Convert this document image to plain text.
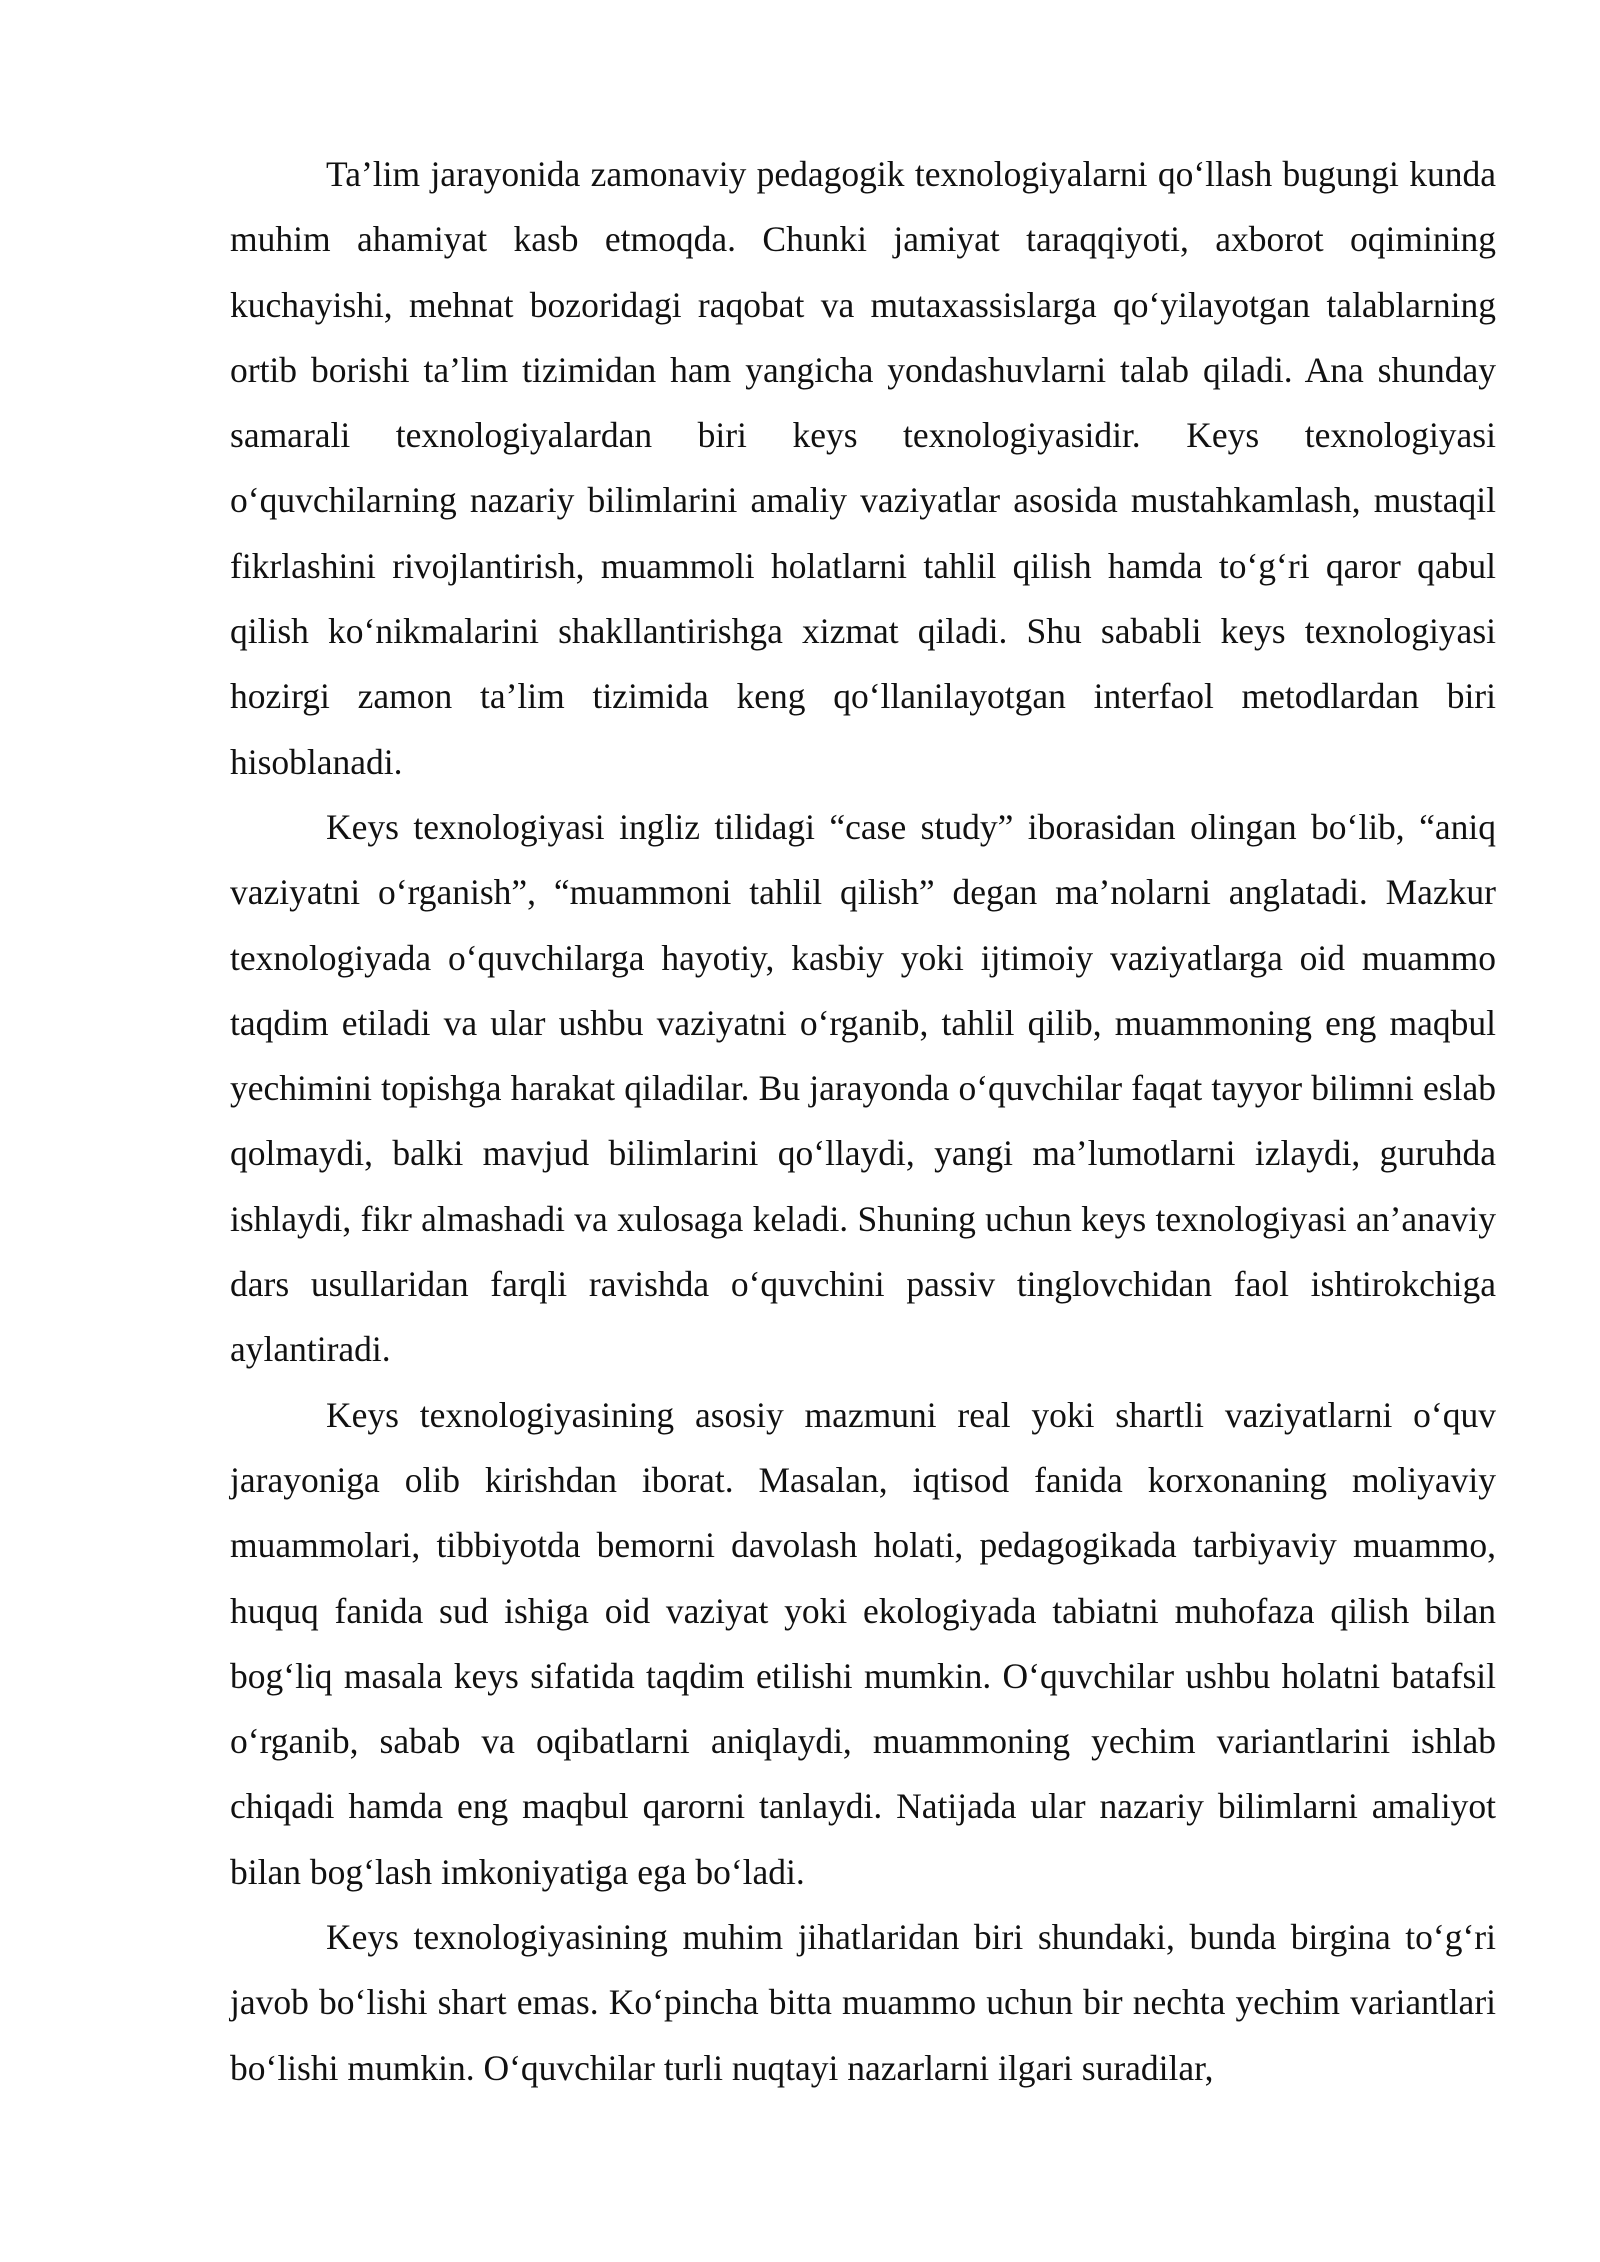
Ta’lim jarayonida zamonaviy pedagogik texnologiyalarni qo‘llash bugungi kunda muhim ahamiyat kasb etmoqda. Chunki jamiyat taraqqiyoti, axborot oqimining kuchayishi, mehnat bozoridagi raqobat va mutaxassislarga qo‘yilayotgan talablarning ortib borishi ta’lim tizimidan ham yangicha yondashuvlarni talab qiladi. Ana shunday samarali texnologiyalardan biri keys texnologiyasidir. Keys texnologiyasi o‘quvchilarning nazariy bilimlarini amaliy vaziyatlar asosida mustahkamlash, mustaqil fikrlashini rivojlantirish, muammoli holatlarni tahlil qilish hamda to‘g‘ri qaror qabul qilish ko‘nikmalarini shakllantirishga xizmat qiladi. Shu sababli keys texnologiyasi hozirgi zamon ta’lim tizimida keng qo‘llanilayotgan interfaol metodlardan biri hisoblanadi.

Keys texnologiyasi ingliz tilidagi “case study” iborasidan olingan bo‘lib, “aniq vaziyatni o‘rganish”, “muammoni tahlil qilish” degan ma’nolarni anglatadi. Mazkur texnologiyada o‘quvchilarga hayotiy, kasbiy yoki ijtimoiy vaziyatlarga oid muammo taqdim etiladi va ular ushbu vaziyatni o‘rganib, tahlil qilib, muammoning eng maqbul yechimini topishga harakat qiladilar. Bu jarayonda o‘quvchilar faqat tayyor bilimni eslab qolmaydi, balki mavjud bilimlarini qo‘llaydi, yangi ma’lumotlarni izlaydi, guruhda ishlaydi, fikr almashadi va xulosaga keladi. Shuning uchun keys texnologiyasi an’anaviy dars usullaridan farqli ravishda o‘quvchini passiv tinglovchidan faol ishtirokchiga aylantiradi.

Keys texnologiyasining asosiy mazmuni real yoki shartli vaziyatlarni o‘quv jarayoniga olib kirishdan iborat. Masalan, iqtisod fanida korxonaning moliyaviy muammolari, tibbiyotda bemorni davolash holati, pedagogikada tarbiyaviy muammo, huquq fanida sud ishiga oid vaziyat yoki ekologiyada tabiatni muhofaza qilish bilan bog‘liq masala keys sifatida taqdim etilishi mumkin. O‘quvchilar ushbu holatni batafsil o‘rganib, sabab va oqibatlarni aniqlaydi, muammoning yechim variantlarini ishlab chiqadi hamda eng maqbul qarorni tanlaydi. Natijada ular nazariy bilimlarni amaliyot bilan bog‘lash imkoniyatiga ega bo‘ladi.

Keys texnologiyasining muhim jihatlaridan biri shundaki, bunda birgina to‘g‘ri javob bo‘lishi shart emas. Ko‘pincha bitta muammo uchun bir nechta yechim variantlari bo‘lishi mumkin. O‘quvchilar turli nuqtayi nazarlarni ilgari suradilar,
